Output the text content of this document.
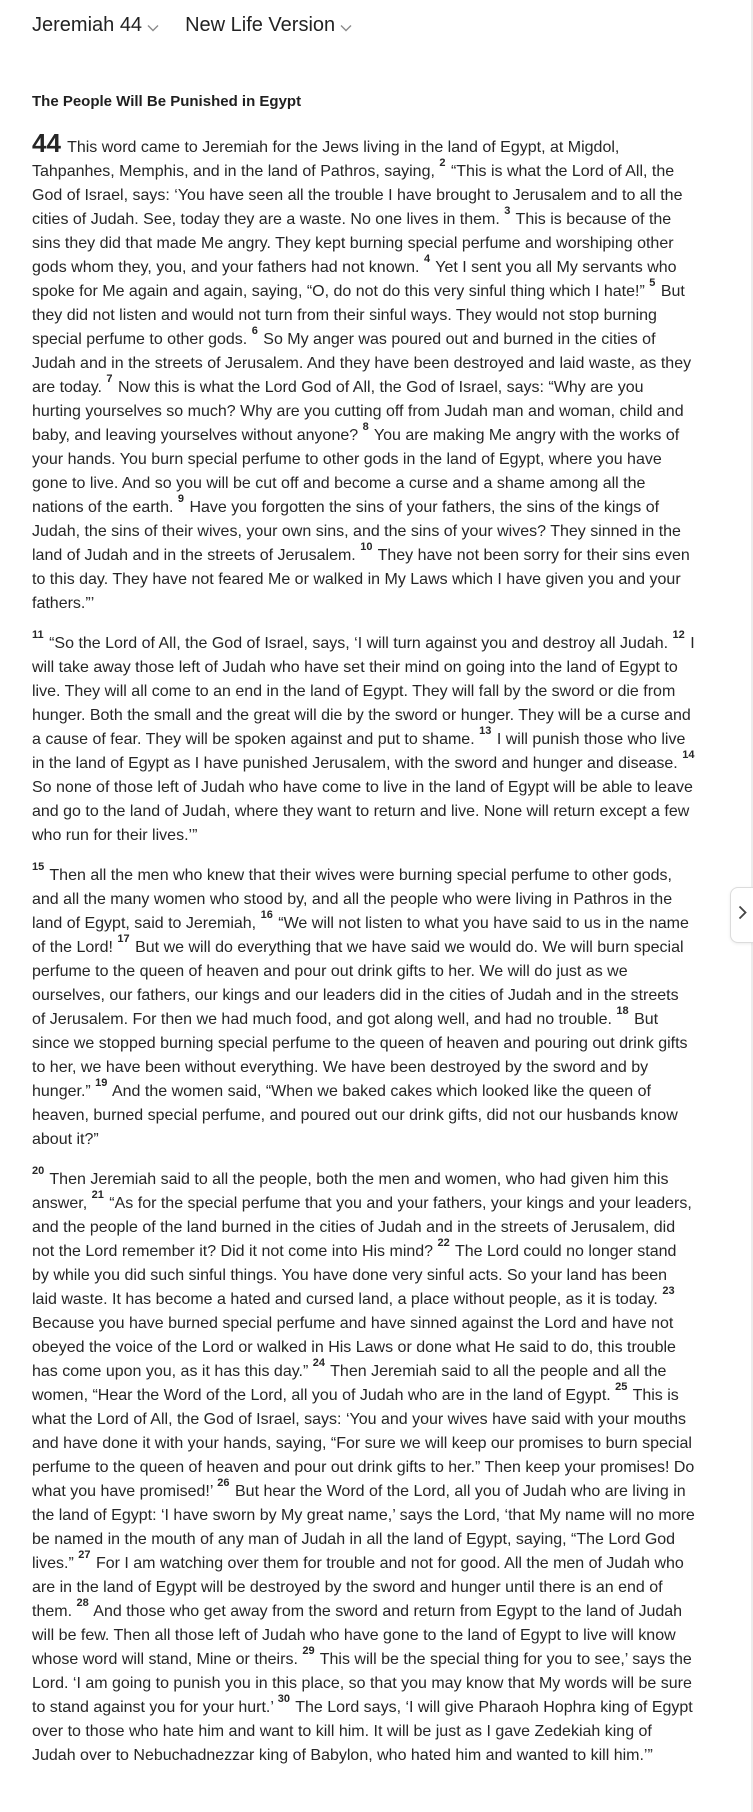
Jeremiah 44 New Life Version
The People Will Be Punished in Egypt

44 This word came to Jeremiah for the Jews living in the land of Egypt, at Migdol, Tahpanhes, Memphis, and in the land of Pathros, saying, $^2$ “This is what the Lord of All, the God of Israel, says: ‘You have seen all the trouble I have brought to Jerusalem and to all the cities of Judah. See, today they are a waste. No one lives in them. $^3$ This is because of the sins they did that made Me angry. They kept burning special perfume and worshiping other gods whom they, you, and your fathers had not known. $^4$ Yet I sent you all My servants who spoke for Me again and again, saying, “O, do not do this very sinful thing which I hate!” $^5$ But they did not listen and would not turn from their sinful ways. They would not stop burning special perfume to other gods. $^6$ So My anger was poured out and burned in the cities of Judah and in the streets of Jerusalem. And they have been destroyed and laid waste, as they are today. $^7$ Now this is what the Lord God of All, the God of Israel, says: “Why are you hurting yourselves so much? Why are you cutting off from Judah man and woman, child and baby, and leaving yourselves without anyone? $^8$ You are making Me angry with the works of your hands. You burn special perfume to other gods in the land of Egypt, where you have gone to live. And so you will be cut off and become a curse and a shame among all the nations of the earth. $^9$ Have you forgotten the sins of your fathers, the sins of the kings of Judah, the sins of their wives, your own sins, and the sins of your wives? They sinned in the land of Judah and in the streets of Jerusalem. $^{10}$ They have not been sorry for their sins even to this day. They have not feared Me or walked in My Laws which I have given you and your fathers.”’

$^{11}$ “So the Lord of All, the God of Israel, says, ‘I will turn against you and destroy all Judah. $^{12}$ I will take away those left of Judah who have set their mind on going into the land of Egypt to live. They will all come to an end in the land of Egypt. They will fall by the sword or die from hunger. Both the small and the great will die by the sword or hunger. They will be a curse and a cause of fear. They will be spoken against and put to shame. $^{13}$ I will punish those who live in the land of Egypt as I have punished Jerusalem, with the sword and hunger and disease. $^{14}$ So none of those left of Judah who have come to live in the land of Egypt will be able to leave and go to the land of Judah, where they want to return and live. None will return except a few who run for their lives.’”

$^{15}$ Then all the men who knew that their wives were burning special perfume to other gods, and all the many women who stood by, and all the people who were living in Pathros in the land of Egypt, said to Jeremiah, $^{16}$ “We will not listen to what you have said to us in the name of the Lord! $^{17}$ But we will do everything that we have said we would do. We will burn special perfume to the queen of heaven and pour out drink gifts to her. We will do just as we ourselves, our fathers, our kings and our leaders did in the cities of Judah and in the streets of Jerusalem. For then we had much food, and got along well, and had no trouble. $^{18}$ But since we stopped burning special perfume to the queen of heaven and pouring out drink gifts to her, we have been without everything. We have been destroyed by the sword and by hunger.” $^{19}$ And the women said, “When we baked cakes which looked like the queen of heaven, burned special perfume, and poured out our drink gifts, did not our husbands know about it?”

$^{20}$ Then Jeremiah said to all the people, both the men and women, who had given him this answer, $^{21}$ “As for the special perfume that you and your fathers, your kings and your leaders, and the people of the land burned in the cities of Judah and in the streets of Jerusalem, did not the Lord remember it? Did it not come into His mind? $^{22}$ The Lord could no longer stand by while you did such sinful things. You have done very sinful acts. So your land has been laid waste. It has become a hated and cursed land, a place without people, as it is today. $^{23}$ Because you have burned special perfume and have sinned against the Lord and have not obeyed the voice of the Lord or walked in His Laws or done what He said to do, this trouble has come upon you, as it has this day.” $^{24}$ Then Jeremiah said to all the people and all the women, “Hear the Word of the Lord, all you of Judah who are in the land of Egypt. $^{25}$ This is what the Lord of All, the God of Israel, says: ‘You and your wives have said with your mouths and have done it with your hands, saying, “For sure we will keep our promises to burn special perfume to the queen of heaven and pour out drink gifts to her.” Then keep your promises! Do what you have promised!’ $^{26}$ But hear the Word of the Lord, all you of Judah who are living in the land of Egypt: ‘I have sworn by My great name,’ says the Lord, ‘that My name will no more be named in the mouth of any man of Judah in all the land of Egypt, saying, “The Lord God lives.” $^{27}$ For I am watching over them for trouble and not for good. All the men of Judah who are in the land of Egypt will be destroyed by the sword and hunger until there is an end of them. $^{28}$ And those who get away from the sword and return from Egypt to the land of Judah will be few. Then all those left of Judah who have gone to the land of Egypt to live will know whose word will stand, Mine or theirs. $^{29}$ This will be the special thing for you to see,’ says the Lord. ‘I am going to punish you in this place, so that you may know that My words will be sure to stand against you for your hurt.’ $^{30}$ The Lord says, ‘I will give Pharaoh Hophra king of Egypt over to those who hate him and want to kill him. It will be just as I gave Zedekiah king of Judah over to Nebuchadnezzar king of Babylon, who hated him and wanted to kill him.’”
